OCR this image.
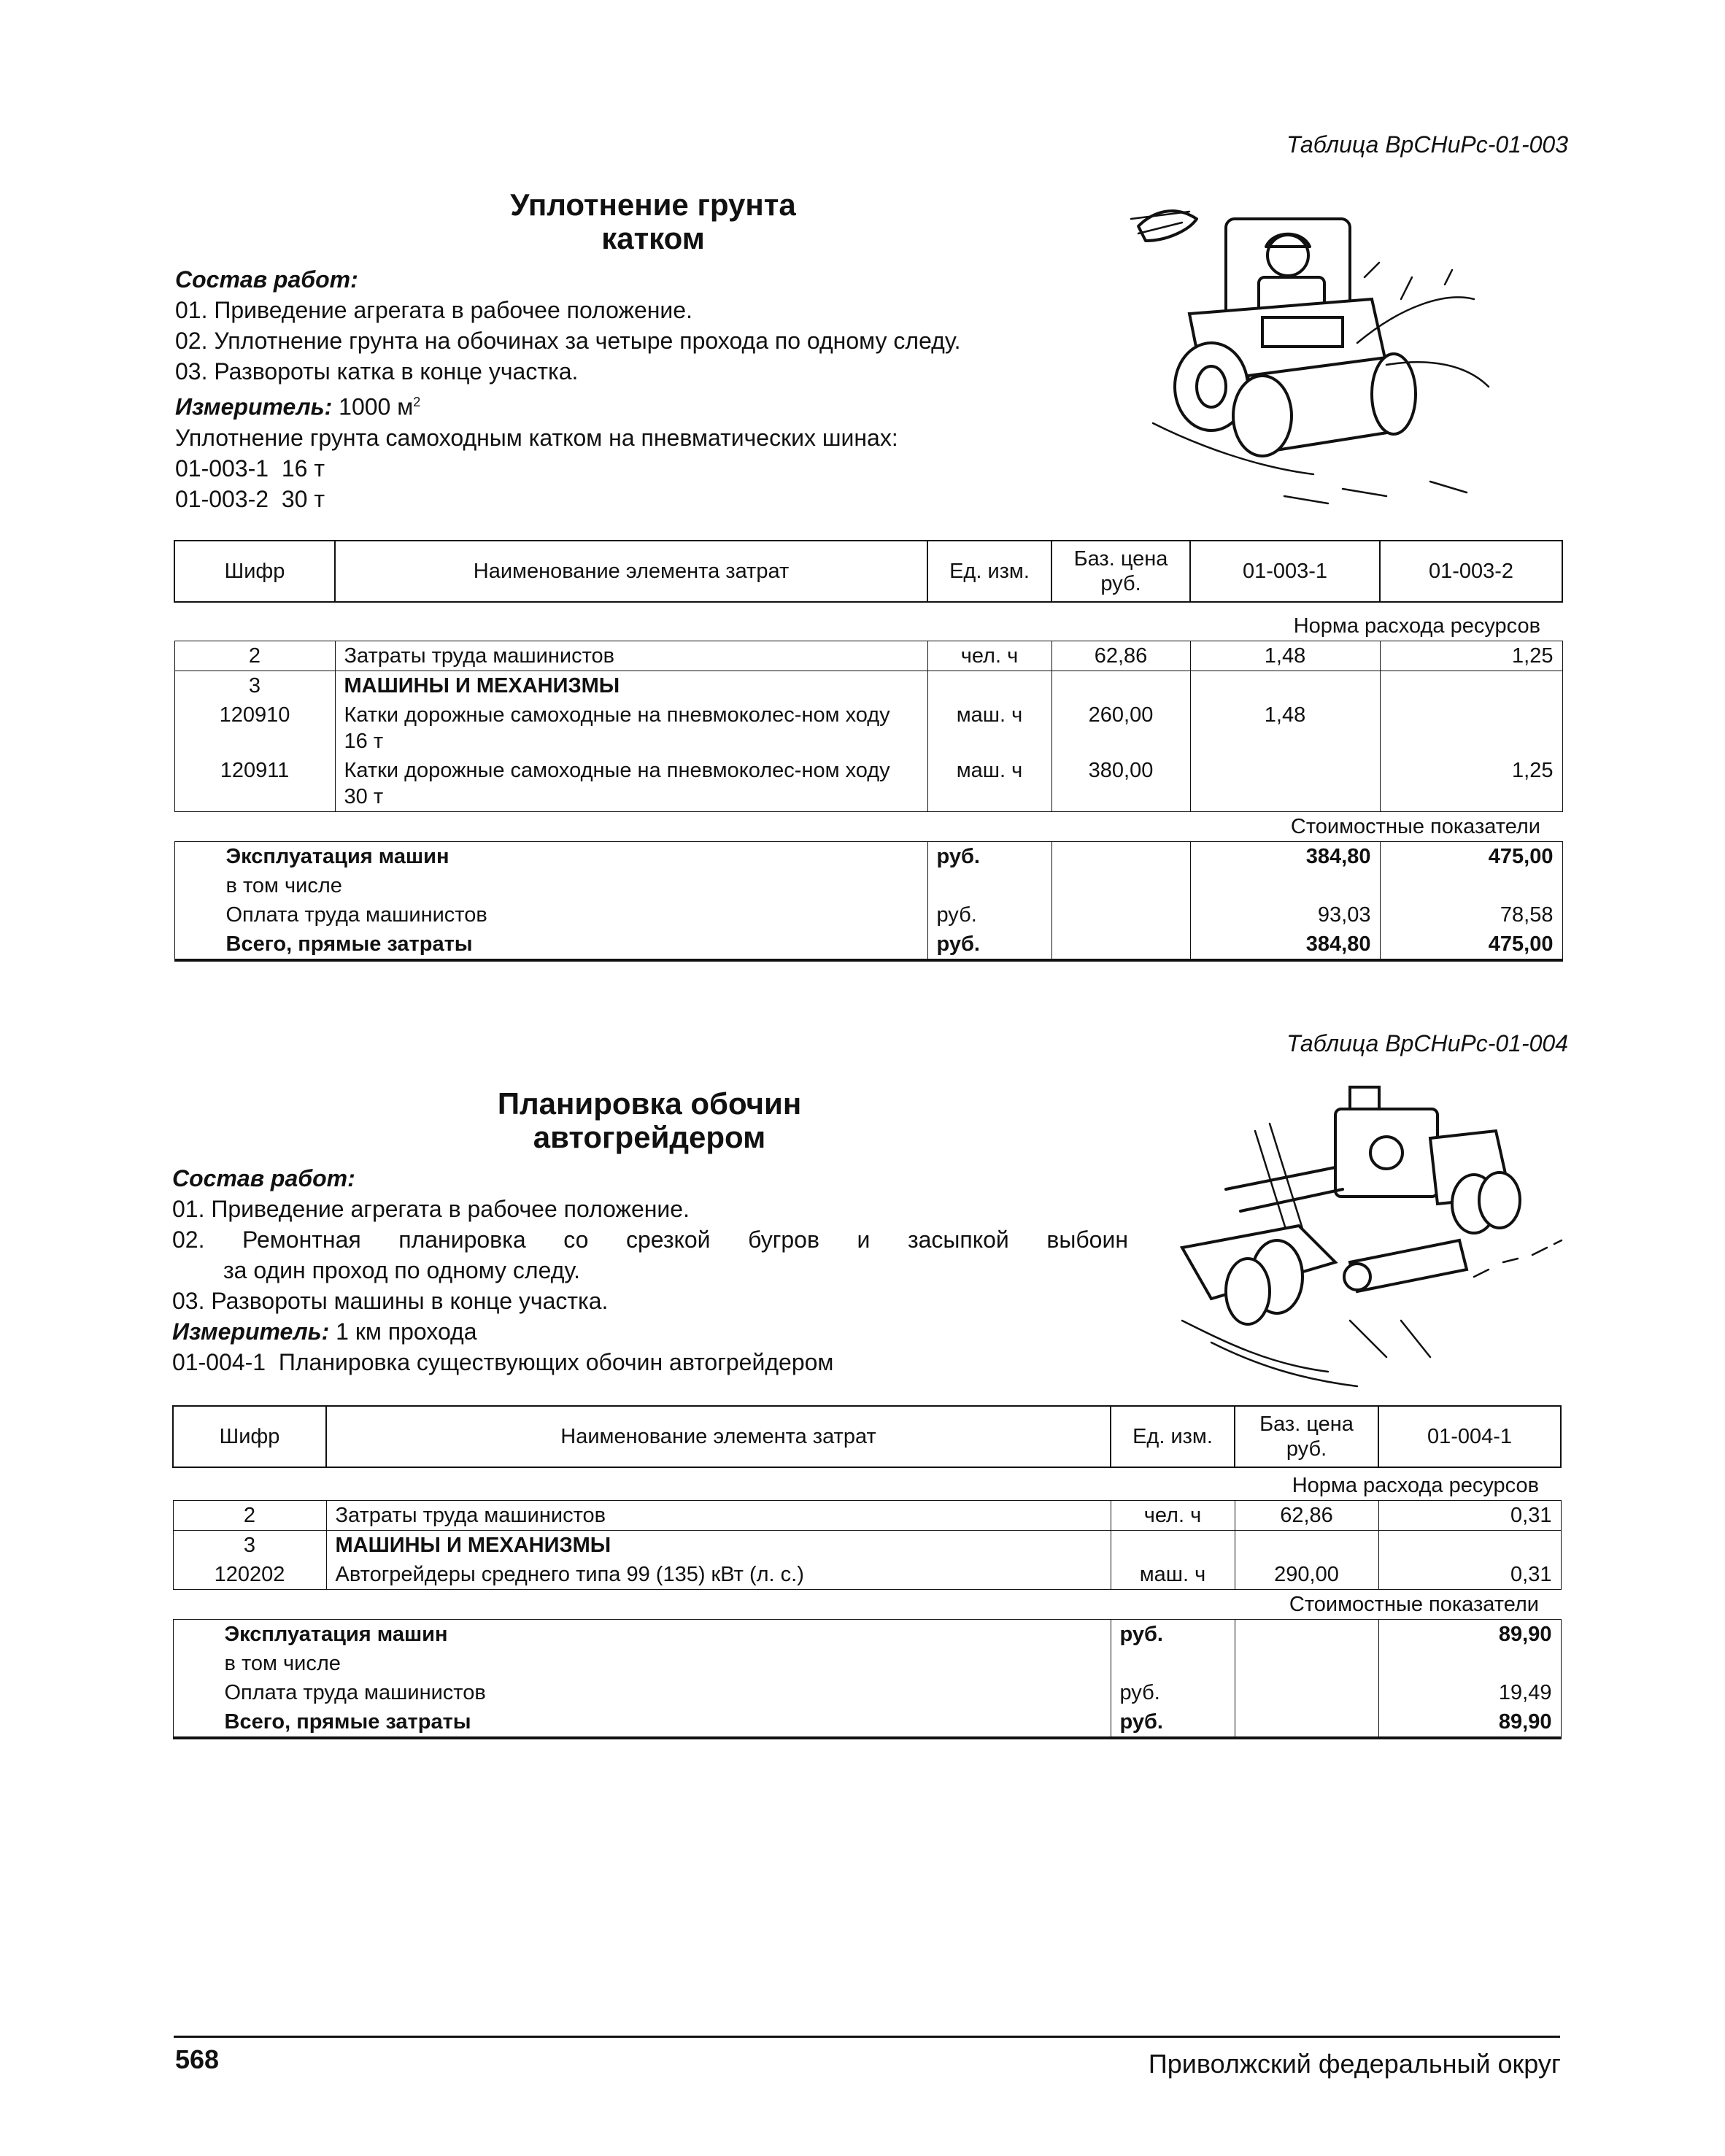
Таблица ВрСНиРс-01-003
Уплотнение грунта
катком
Состав работ:
01. Приведение агрегата в рабочее положение.
02. Уплотнение грунта на обочинах за четыре прохода по одному следу.
03. Развороты катка в конце участка.
Измеритель: 1000 $м^2$
Уплотнение грунта самоходным катком на пневматических шинах:
01-003-1  16 т
01-003-2  30 т
Шифр	Наименование элемента затрат	Ед. изм.	Баз. цена руб.	01-003-1	01-003-2
Норма расхода ресурсов					
2	Затраты труда машинистов	чел. ч	62,86	1,48	1,25
3	МАШИНЫ И МЕХАНИЗМЫ				
120910	Катки дорожные самоходные на пневмоколес-ном ходу 16 т	маш. ч	260,00	1,48	
120911	Катки дорожные самоходные на пневмоколес-ном ходу 30 т	маш. ч	380,00		1,25
Стоимостные показатели					
Эксплуатация машин		руб.		384,80	475,00
в том числе					
Оплата труда машинистов		руб.		93,03	78,58
Всего, прямые затраты		руб.		384,80	475,00
Таблица ВрСНиРс-01-004
Планировка обочин
автогрейдером
Состав работ:
01. Приведение агрегата в рабочее положение.
02. Ремонтная планировка со срезкой бугров и засыпкой выбоин
за один проход по одному следу.
03. Развороты машины в конце участка.
Измеритель: 1 км прохода
01-004-1  Планировка существующих обочин автогрейдером
Шифр	Наименование элемента затрат	Ед. изм.	Баз. цена руб.	01-004-1
Норма расхода ресурсов				
2	Затраты труда машинистов	чел. ч	62,86	0,31
3	МАШИНЫ И МЕХАНИЗМЫ			
120202	Автогрейдеры среднего типа 99 (135) кВт (л. с.)	маш. ч	290,00	0,31
Стоимостные показатели				
Эксплуатация машин		руб.		89,90
в том числе				
Оплата труда машинистов		руб.		19,49
Всего, прямые затраты		руб.		89,90
568	Приволжский федеральный округ
